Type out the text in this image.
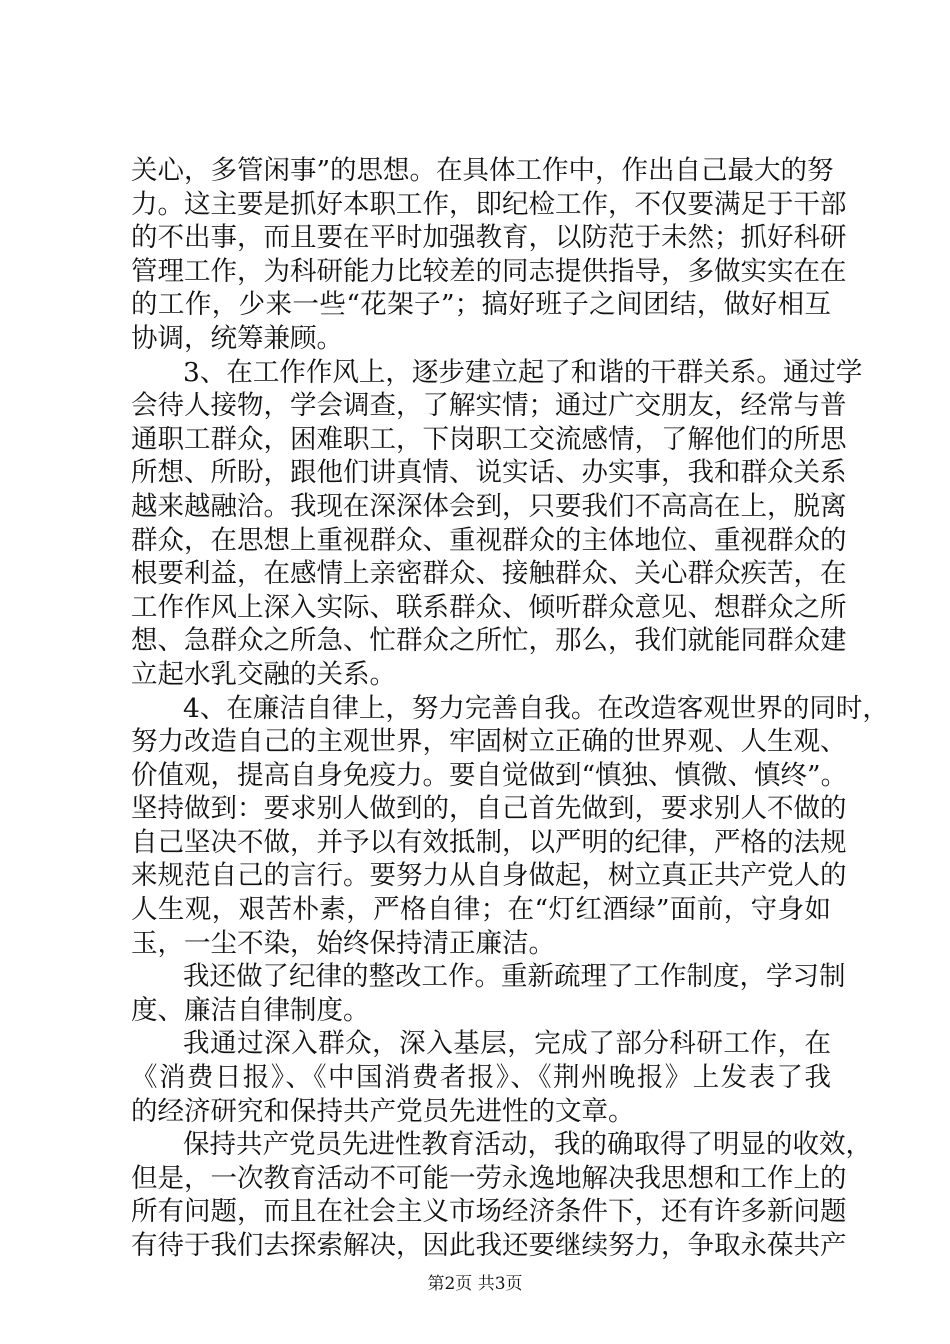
关心，多管闲事”的思想。在具体工作中，作出自己最大的努
力。这主要是抓好本职工作，即纪检工作，不仅要满足于干部
的不出事，而且要在平时加强教育，以防范于未然；抓好科研
管理工作，为科研能力比较差的同志提供指导，多做实实在在
的工作，少来一些“花架子”；搞好班子之间团结，做好相互
协调，统筹兼顾。
3、在工作作风上，逐步建立起了和谐的干群关系。通过学
会待人接物，学会调查，了解实情；通过广交朋友，经常与普
通职工群众，困难职工，下岗职工交流感情，了解他们的所思
所想、所盼，跟他们讲真情、说实话、办实事，我和群众关系
越来越融洽。我现在深深体会到，只要我们不高高在上，脱离
群众，在思想上重视群众、重视群众的主体地位、重视群众的
根要利益，在感情上亲密群众、接触群众、关心群众疾苦，在
工作作风上深入实际、联系群众、倾听群众意见、想群众之所
想、急群众之所急、忙群众之所忙，那么，我们就能同群众建
立起水乳交融的关系。
4、在廉洁自律上，努力完善自我。在改造客观世界的同时，
努力改造自己的主观世界，牢固树立正确的世界观、人生观、
价值观，提高自身免疫力。要自觉做到“慎独、慎微、慎终”。
坚持做到：要求别人做到的，自己首先做到，要求别人不做的
自己坚决不做，并予以有效抵制，以严明的纪律，严格的法规
来规范自己的言行。要努力从自身做起，树立真正共产党人的
人生观，艰苦朴素，严格自律；在“灯红酒绿”面前，守身如
玉，一尘不染，始终保持清正廉洁。
我还做了纪律的整改工作。重新疏理了工作制度，学习制
度、廉洁自律制度。
我通过深入群众，深入基层，完成了部分科研工作，在
《消费日报》、《中国消费者报》、《荆州晚报》上发表了我
的经济研究和保持共产党员先进性的文章。
保持共产党员先进性教育活动，我的确取得了明显的收效，
但是，一次教育活动不可能一劳永逸地解决我思想和工作上的
所有问题，而且在社会主义市场经济条件下，还有许多新问题
有待于我们去探索解决，因此我还要继续努力，争取永葆共产
第2页 共3页
